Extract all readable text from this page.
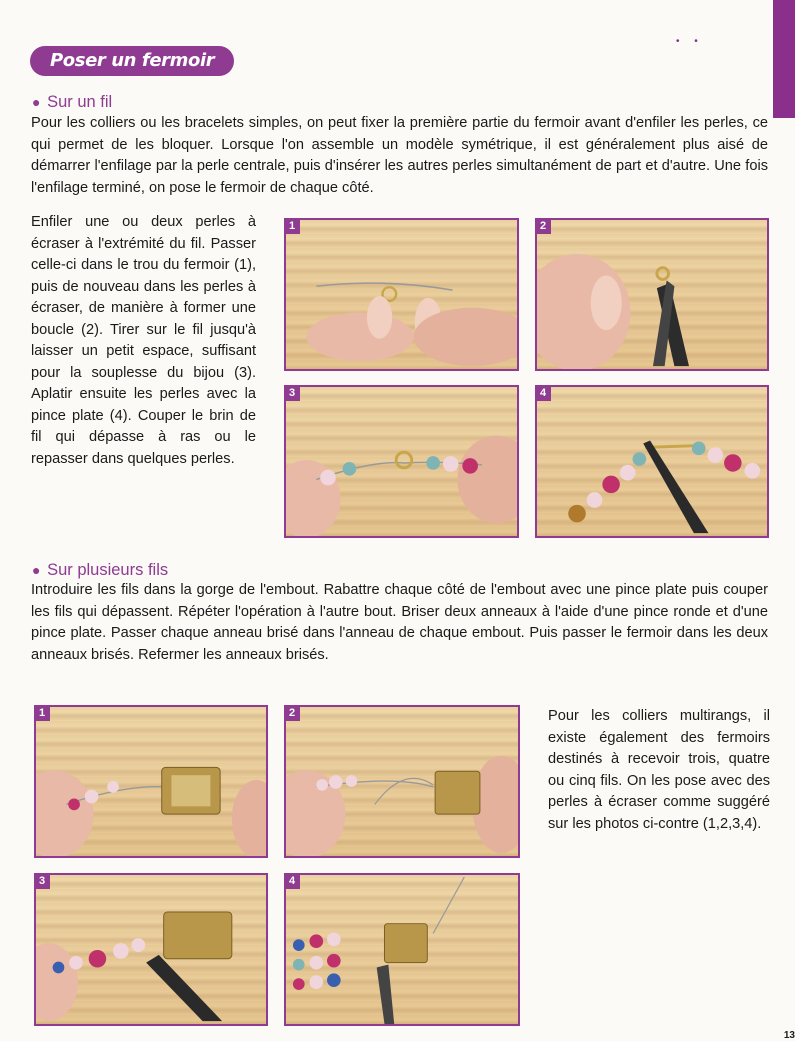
• •
Poser un fermoir
● Sur un fil

Pour les colliers ou les bracelets simples, on peut fixer la première partie du fermoir avant d'enfiler les perles, ce qui permet de les bloquer. Lorsque l'on assemble un modèle symétrique, il est généralement plus aisé de démarrer l'enfilage par la perle centrale, puis d'insérer les autres perles simultanément de part et d'autre. Une fois l'enfilage terminé, on pose le fermoir de chaque côté.

Enfiler une ou deux perles à écraser à l'extrémité du fil. Passer celle-ci dans le trou du fermoir (1), puis de nouveau dans les perles à écraser, de manière à former une boucle (2). Tirer sur le fil jusqu'à laisser un petit espace, suffisant pour la souplesse du bijou (3). Aplatir ensuite les perles avec la pince plate (4). Couper le brin de fil qui dépasse à ras ou le repasser dans quelques perles.

1	2
3	4
● Sur plusieurs fils

Introduire les fils dans la gorge de l'embout. Rabattre chaque côté de l'embout avec une pince plate puis couper les fils qui dépassent. Répéter l'opération à l'autre bout. Briser deux anneaux à l'aide d'une pince ronde et d'une pince plate. Passer chaque anneau brisé dans l'anneau de chaque embout. Puis passer le fermoir dans les deux anneaux brisés. Refermer les anneaux brisés.

Pour les colliers multirangs, il existe également des fermoirs destinés à recevoir trois, quatre ou cinq fils. On les pose avec des perles à écraser comme suggéré sur les photos ci-contre (1,2,3,4).

1	2
3	4
13
